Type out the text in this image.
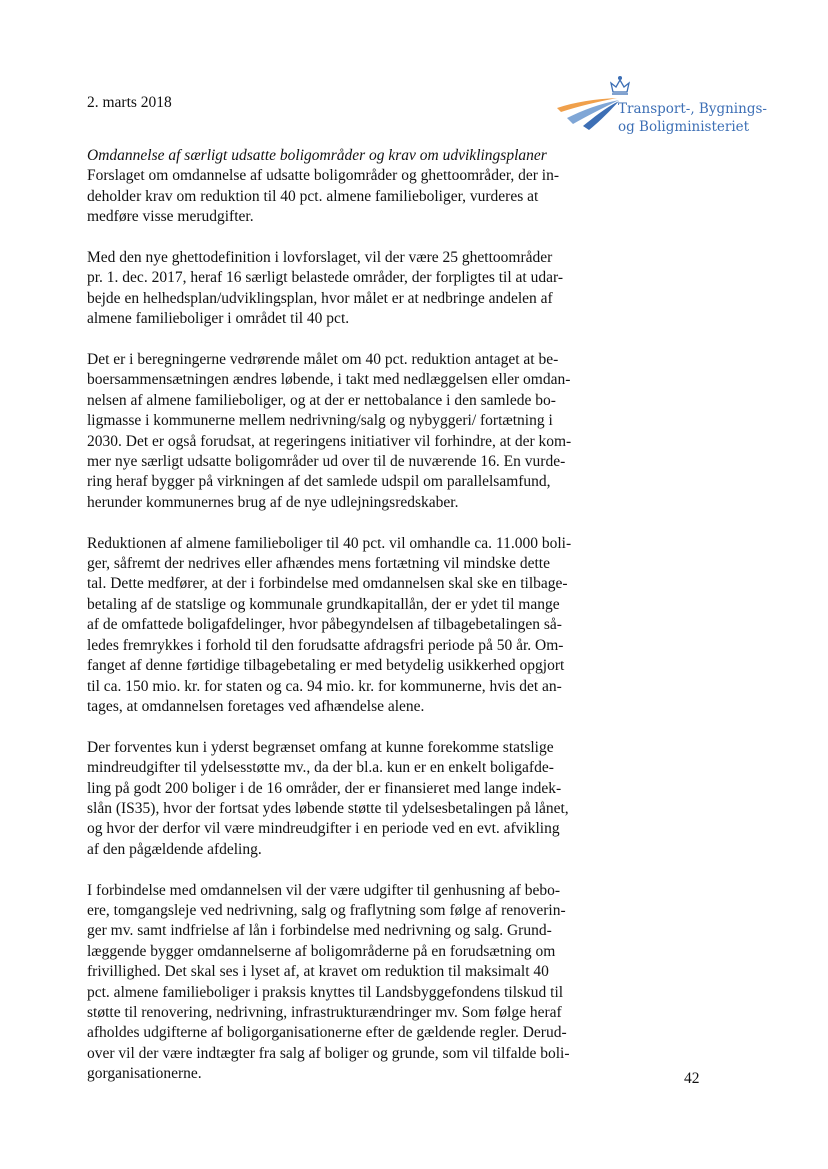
2. marts 2018	Transport-, Bygnings-
og Boligministeriet

Omdannelse af særligt udsatte boligområder og krav om udviklingsplaner
Forslaget om omdannelse af udsatte boligområder og ghettoområder, der in-
deholder krav om reduktion til 40 pct. almene familieboliger, vurderes at
medføre visse merudgifter.

Med den nye ghettodefinition i lovforslaget, vil der være 25 ghettoområder
pr. 1. dec. 2017, heraf 16 særligt belastede områder, der forpligtes til at udar-
bejde en helhedsplan/udviklingsplan, hvor målet er at nedbringe andelen af
almene familieboliger i området til 40 pct.

Det er i beregningerne vedrørende målet om 40 pct. reduktion antaget at be-
boersammensætningen ændres løbende, i takt med nedlæggelsen eller omdan-
nelsen af almene familieboliger, og at der er nettobalance i den samlede bo-
ligmasse i kommunerne mellem nedrivning/salg og nybyggeri/ fortætning i
2030. Det er også forudsat, at regeringens initiativer vil forhindre, at der kom-
mer nye særligt udsatte boligområder ud over til de nuværende 16. En vurde-
ring heraf bygger på virkningen af det samlede udspil om parallelsamfund,
herunder kommunernes brug af de nye udlejningsredskaber.

Reduktionen af almene familieboliger til 40 pct. vil omhandle ca. 11.000 boli-
ger, såfremt der nedrives eller afhændes mens fortætning vil mindske dette
tal. Dette medfører, at der i forbindelse med omdannelsen skal ske en tilbage-
betaling af de statslige og kommunale grundkapitallån, der er ydet til mange
af de omfattede boligafdelinger, hvor påbegyndelsen af tilbagebetalingen så-
ledes fremrykkes i forhold til den forudsatte afdragsfri periode på 50 år. Om-
fanget af denne førtidige tilbagebetaling er med betydelig usikkerhed opgjort
til ca. 150 mio. kr. for staten og ca. 94 mio. kr. for kommunerne, hvis det an-
tages, at omdannelsen foretages ved afhændelse alene.

Der forventes kun i yderst begrænset omfang at kunne forekomme statslige
mindreudgifter til ydelsesstøtte mv., da der bl.a. kun er en enkelt boligafde-
ling på godt 200 boliger i de 16 områder, der er finansieret med lange indek-
slån (IS35), hvor der fortsat ydes løbende støtte til ydelsesbetalingen på lånet,
og hvor der derfor vil være mindreudgifter i en periode ved en evt. afvikling
af den pågældende afdeling.

I forbindelse med omdannelsen vil der være udgifter til genhusning af bebo-
ere, tomgangsleje ved nedrivning, salg og fraflytning som følge af renoverin-
ger mv. samt indfrielse af lån i forbindelse med nedrivning og salg. Grund-
læggende bygger omdannelserne af boligområderne på en forudsætning om
frivillighed. Det skal ses i lyset af, at kravet om reduktion til maksimalt 40
pct. almene familieboliger i praksis knyttes til Landsbyggefondens tilskud til
støtte til renovering, nedrivning, infrastrukturændringer mv. Som følge heraf
afholdes udgifterne af boligorganisationerne efter de gældende regler. Derud-
over vil der være indtægter fra salg af boliger og grunde, som vil tilfalde boli-
gorganisationerne.	42
